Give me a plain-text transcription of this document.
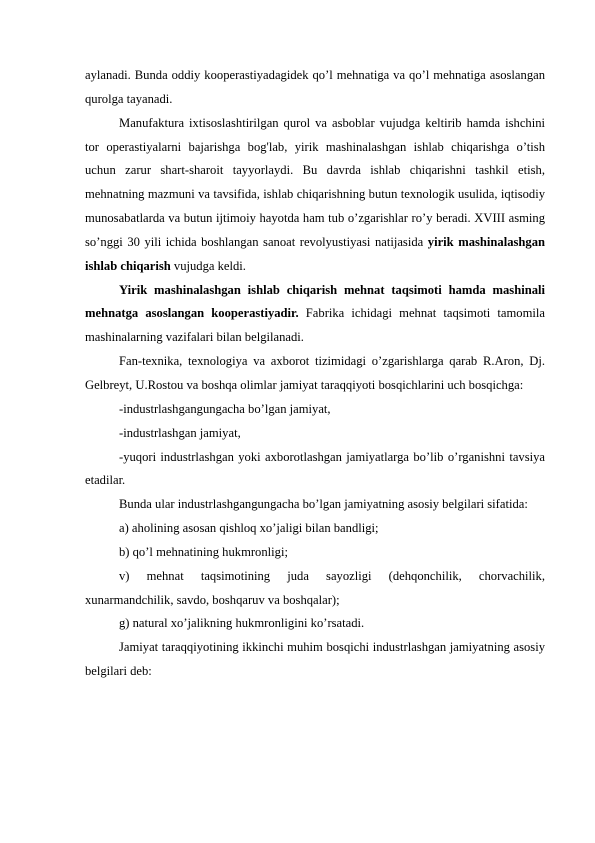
aylanadi. Bunda oddiy kooperastiyadagidek qo’l mehnatiga va qo’l mehnatiga asoslangan qurolga tayanadi.

Manufaktura ixtisoslashtirilgan qurol va asboblar vujudga keltirib hamda ishchini tor operastiyalarni bajarishga bog'lab, yirik mashinalashgan ishlab chiqarishga o’tish uchun zarur shart-sharoit tayyorlaydi. Bu davrda ishlab chiqarishni tashkil etish, mehnatning mazmuni va tavsifida, ishlab chiqarishning butun texnologik usulida, iqtisodiy munosabatlarda va butun ijtimoiy hayotda ham tub o’zgarishlar ro’y beradi. XVIII asming so’nggi 30 yili ichida boshlangan sanoat revolyustiyasi natijasida yirik mashinalashgan ishlab chiqarish vujudga keldi.

Yirik mashinalashgan ishlab chiqarish mehnat taqsimoti hamda mashinali mehnatga asoslangan kooperastiyadir. Fabrika ichidagi mehnat taqsimoti tamomila mashinalarning vazifalari bilan belgilanadi.

Fan-texnika, texnologiya va axborot tizimidagi o’zgarishlarga qarab R.Aron, Dj. Gelbreyt, U.Rostou va boshqa olimlar jamiyat taraqqiyoti bosqichlarini uch bosqichga:

-industrlashgangungacha bo’lgan jamiyat,

-industrlashgan jamiyat,

-yuqori industrlashgan yoki axborotlashgan jamiyatlarga bo’lib o’rganishni tavsiya etadilar.

Bunda ular industrlashgangungacha bo’lgan jamiyatning asosiy belgilari sifatida:

a) aholining asosan qishloq xo’jaligi bilan bandligi;

b) qo’l mehnatining hukmronligi;

v) mehnat taqsimotining juda sayozligi (dehqonchilik, chorvachilik, xunarmandchilik, savdo, boshqaruv va boshqalar);

g) natural xo’jalikning hukmronligini ko’rsatadi.

Jamiyat taraqqiyotining ikkinchi muhim bosqichi industrlashgan jamiyatning asosiy belgilari deb:
